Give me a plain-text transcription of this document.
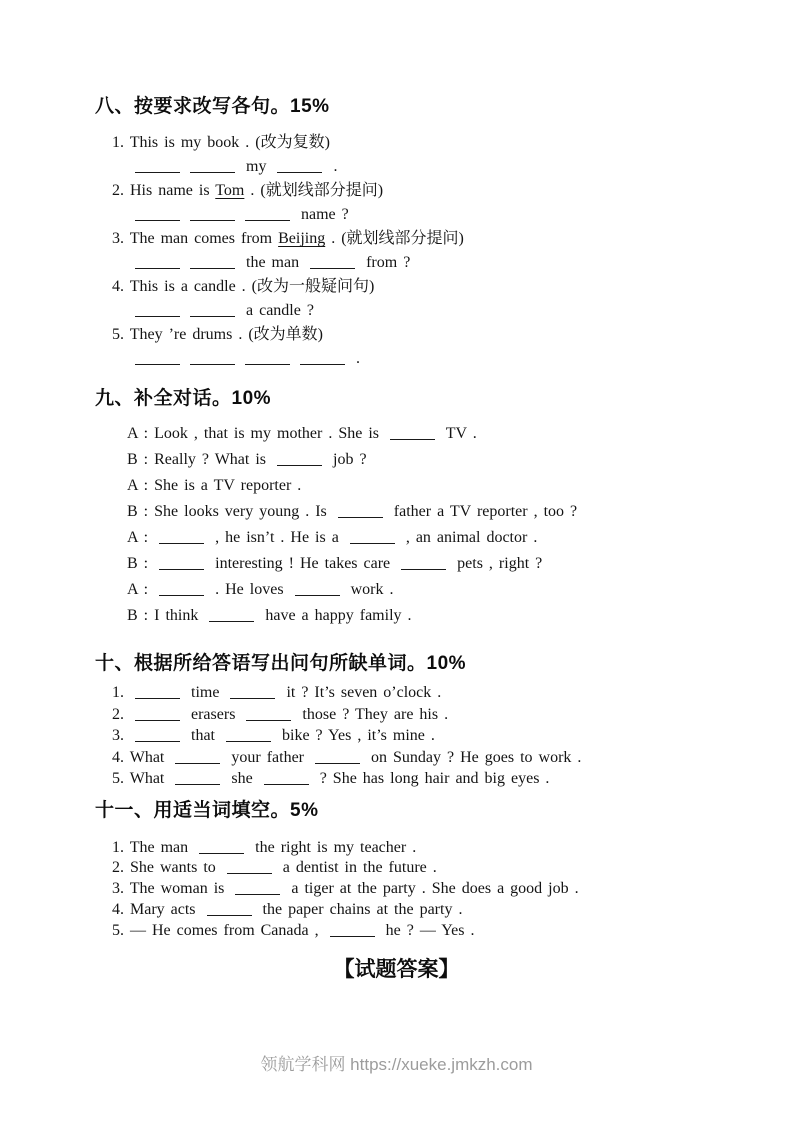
八、按要求改写各句。15%
1. This is my book . (改为复数)
my	.
2. His name is Tom . (就划线部分提问)
name ?
3. The man comes from Beijing . (就划线部分提问)
the man	from ?
4. This is a candle . (改为一般疑问句)
a candle ?
5. They ’re drums . (改为单数)
.
九、补全对话。10%
A : Look , that is my mother . She is	TV .
B : Really ? What is	job ?
A : She is a TV reporter .
B : She looks very young . Is	father a TV reporter , too ?
A :	, he isn’t . He is a	, an animal doctor .
B :	interesting ! He takes care	pets , right ?
A :	. He loves	work .
B : I think	have a happy family .
十、根据所给答语写出问句所缺单词。10%
1.	time	it ? It’s seven o’clock .
2.	erasers	those ? They are his .
3.	that	bike ? Yes , it’s mine .
4. What	your father	on Sunday ? He goes to work .
5. What	she	? She has long hair and big eyes .
十一、用适当词填空。5%
1. The man	the right is my teacher .
2. She wants to	a dentist in the future .
3. The woman is	a tiger at the party . She does a good job .
4. Mary acts	the paper chains at the party .
5. — He comes from Canada ,	he ? — Yes .
【试题答案】
领航学科网 https://xueke.jmkzh.com
